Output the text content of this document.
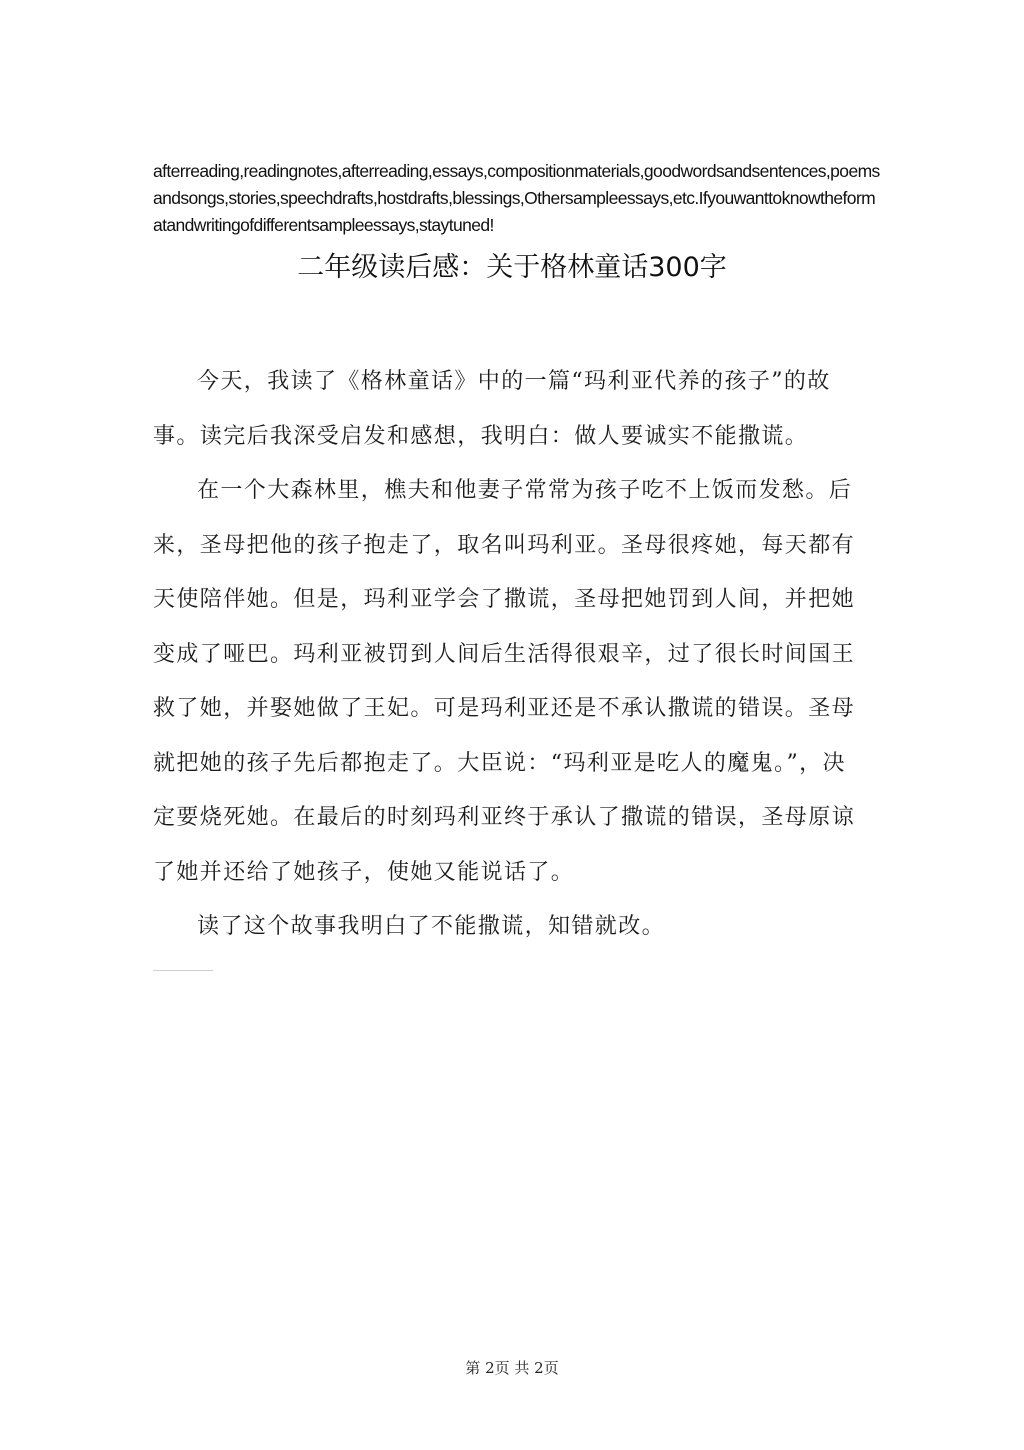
afterreading,readingnotes,afterreading,essays,compositionmaterials,goodwordsandsentences,poemsandsongs,stories,speechdrafts,hostdrafts,blessings,Othersampleessays,etc.Ifyouwanttoknowtheformatandwritingofdifferentsampleessays,staytuned!
二年级读后感：关于格林童话300字

今天，我读了《格林童话》中的一篇“玛利亚代养的孩子”的故事。读完后我深受启发和感想，我明白：做人要诚实不能撒谎。

在一个大森林里，樵夫和他妻子常常为孩子吃不上饭而发愁。后来，圣母把他的孩子抱走了，取名叫玛利亚。圣母很疼她，每天都有天使陪伴她。但是，玛利亚学会了撒谎，圣母把她罚到人间，并把她变成了哑巴。玛利亚被罚到人间后生活得很艰辛，过了很长时间国王救了她，并娶她做了王妃。可是玛利亚还是不承认撒谎的错误。圣母就把她的孩子先后都抱走了。大臣说：“玛利亚是吃人的魔鬼。”，决定要烧死她。在最后的时刻玛利亚终于承认了撒谎的错误，圣母原谅了她并还给了她孩子，使她又能说话了。

读了这个故事我明白了不能撒谎，知错就改。

第 2页 共 2页
